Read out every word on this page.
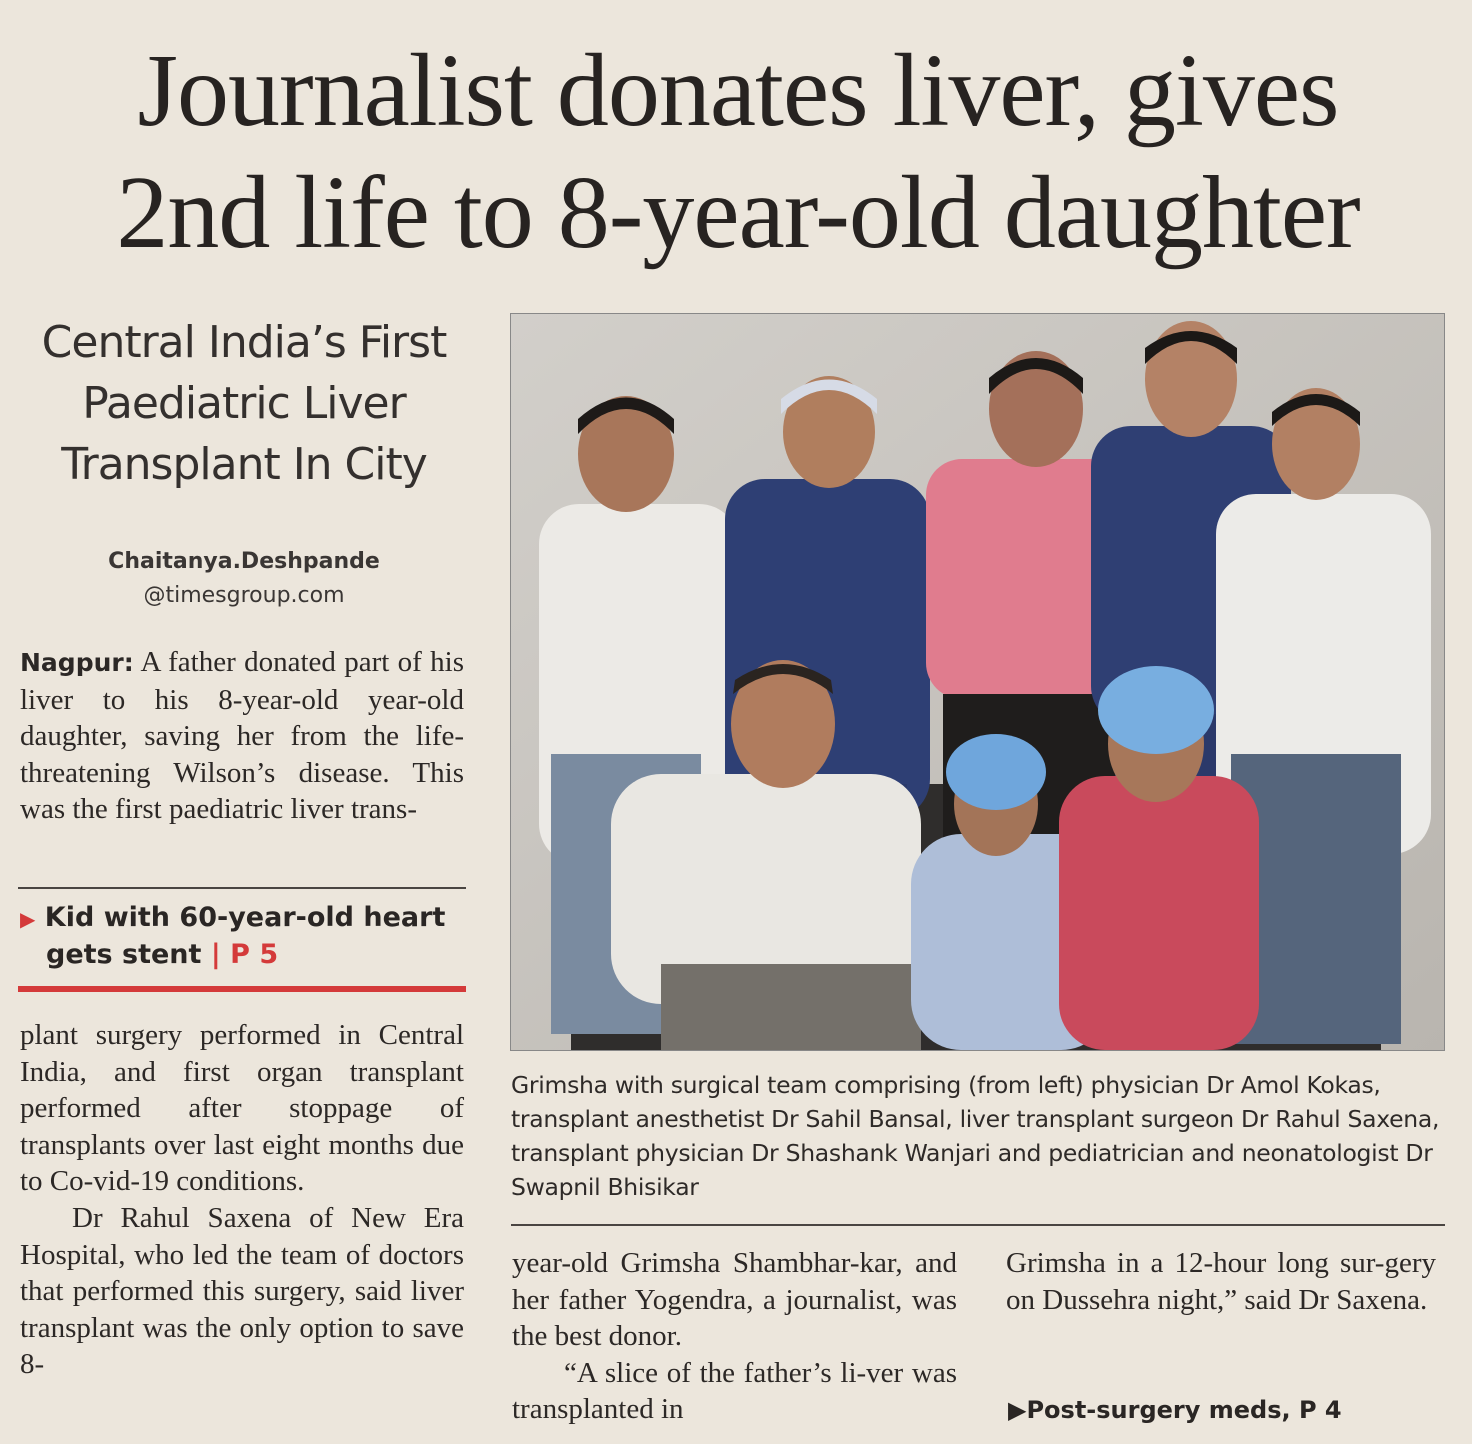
Journalist donates liver, gives
2nd life to 8-year-old daughter
Central India’s First
Paediatric Liver
Transplant In City
Chaitanya.Deshpande
@timesgroup.com

Nagpur: A father donated part of his liver to his 8-year-old year-old daughter, saving her from the life-threatening Wilson’s disease. This was the first paediatric liver trans-

▶ Kid with 60-year-old heart
gets stent | P 5

plant surgery performed in Central India, and first organ transplant performed after stoppage of transplants over last eight months due to Co-vid-19 conditions.

Dr Rahul Saxena of New Era Hospital, who led the team of doctors that performed this surgery, said liver transplant was the only option to save 8-

Grimsha with surgical team comprising (from left) physician Dr Amol Kokas, transplant anesthetist Dr Sahil Bansal, liver transplant surgeon Dr Rahul Saxena, transplant physician Dr Shashank Wanjari and pediatrician and neonatologist Dr Swapnil Bhisikar

year-old Grimsha Shambhar-kar, and her father Yogendra, a journalist, was the best donor.

“A slice of the father’s li-ver was transplanted in

Grimsha in a 12-hour long sur-gery on Dussehra night,” said Dr Saxena.

▶Post-surgery meds, P 4
